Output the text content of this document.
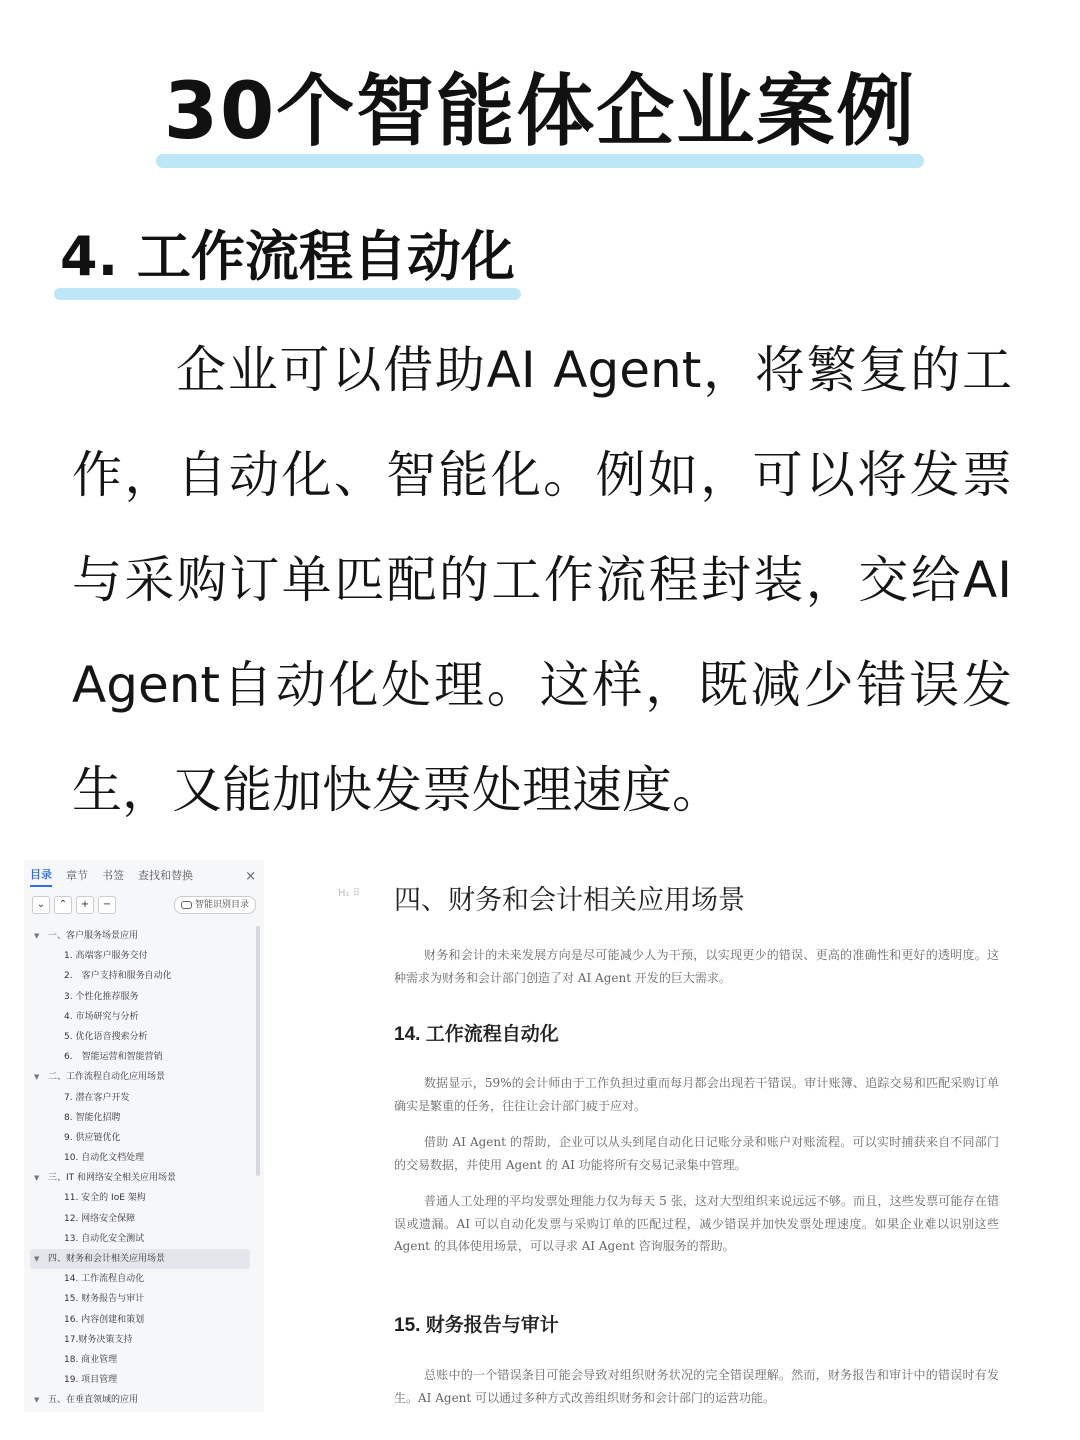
30个智能体企业案例
4. 工作流程自动化
企业可以借助AI Agent，将繁复的工作，自动化、智能化。例如，可以将发票与采购订单匹配的工作流程封装，交给AI Agent自动化处理。这样，既减少错误发生，又能加快发票处理速度。
目录 章节 书签 查找和替换	×
⌄	⌃	+	−	智能识别目录
▼ 一、客户服务场景应用
1. 高端客户服务交付
2.　客户支持和服务自动化
3. 个性化推荐服务
4. 市场研究与分析
5. 优化语音搜索分析
6.　智能运营和智能营销
▼ 二、工作流程自动化应用场景
7. 潜在客户开发
8. 智能化招聘
9. 供应链优化
10. 自动化文档处理
▼ 三、IT 和网络安全相关应用场景
11. 安全的 IoE 架构
12. 网络安全保障
13. 自动化安全测试
▼ 四、财务和会计相关应用场景
14. 工作流程自动化
15. 财务报告与审计
16. 内容创建和策划
17.财务决策支持
18. 商业管理
19. 项目管理
▼ 五、在垂直领域的应用
H₁ ⠿ 四、财务和会计相关应用场景
财务和会计的未来发展方向是尽可能减少人为干预，以实现更少的错误、更高的准确性和更好的透明度。这种需求为财务和会计部门创造了对 AI Agent 开发的巨大需求。
14. 工作流程自动化
数据显示，59%的会计师由于工作负担过重而每月都会出现若干错误。审计账簿、追踪交易和匹配采购订单确实是繁重的任务，往往让会计部门疲于应对。
借助 AI Agent 的帮助，企业可以从头到尾自动化日记账分录和账户对账流程。可以实时捕获来自不同部门的交易数据，并使用 Agent 的 AI 功能将所有交易记录集中管理。
普通人工处理的平均发票处理能力仅为每天 5 张，这对大型组织来说远远不够。而且，这些发票可能存在错误或遗漏。AI 可以自动化发票与采购订单的匹配过程，减少错误并加快发票处理速度。如果企业难以识别这些 Agent 的具体使用场景，可以寻求 AI Agent 咨询服务的帮助。
15. 财务报告与审计
总账中的一个错误条目可能会导致对组织财务状况的完全错误理解。然而，财务报告和审计中的错误时有发生。AI Agent 可以通过多种方式改善组织财务和会计部门的运营功能。
